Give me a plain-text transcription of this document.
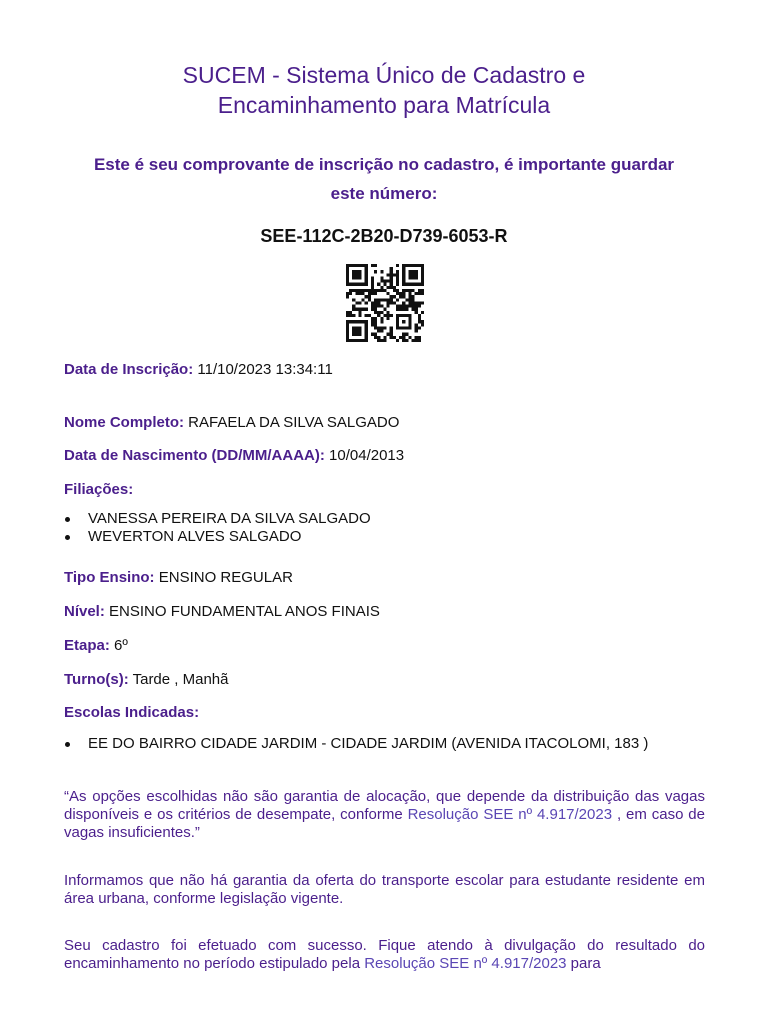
SUCEM - Sistema Único de Cadastro e
Encaminhamento para Matrícula

Este é seu comprovante de inscrição no cadastro, é importante guardar
este número:

SEE-112C-2B20-D739-6053-R
Data de Inscrição: 11/10/2023 13:34:11
Nome Completo: RAFAELA DA SILVA SALGADO
Data de Nascimento (DD/MM/AAAA): 10/04/2013
Filiações:
VANESSA PEREIRA DA SILVA SALGADO
WEVERTON ALVES SALGADO
Tipo Ensino: ENSINO REGULAR
Nível: ENSINO FUNDAMENTAL ANOS FINAIS
Etapa: 6º
Turno(s): Tarde , Manhã
Escolas Indicadas:
EE DO BAIRRO CIDADE JARDIM - CIDADE JARDIM (AVENIDA ITACOLOMI, 183 )

“As opções escolhidas não são garantia de alocação, que depende da distribuição das vagas disponíveis e os critérios de desempate, conforme Resolução SEE nº 4.917/2023 , em caso de vagas insuficientes.”

Informamos que não há garantia da oferta do transporte escolar para estudante residente em área urbana, conforme legislação vigente.

Seu cadastro foi efetuado com sucesso. Fique atendo à divulgação do resultado do encaminhamento no período estipulado pela Resolução SEE nº 4.917/2023 para
